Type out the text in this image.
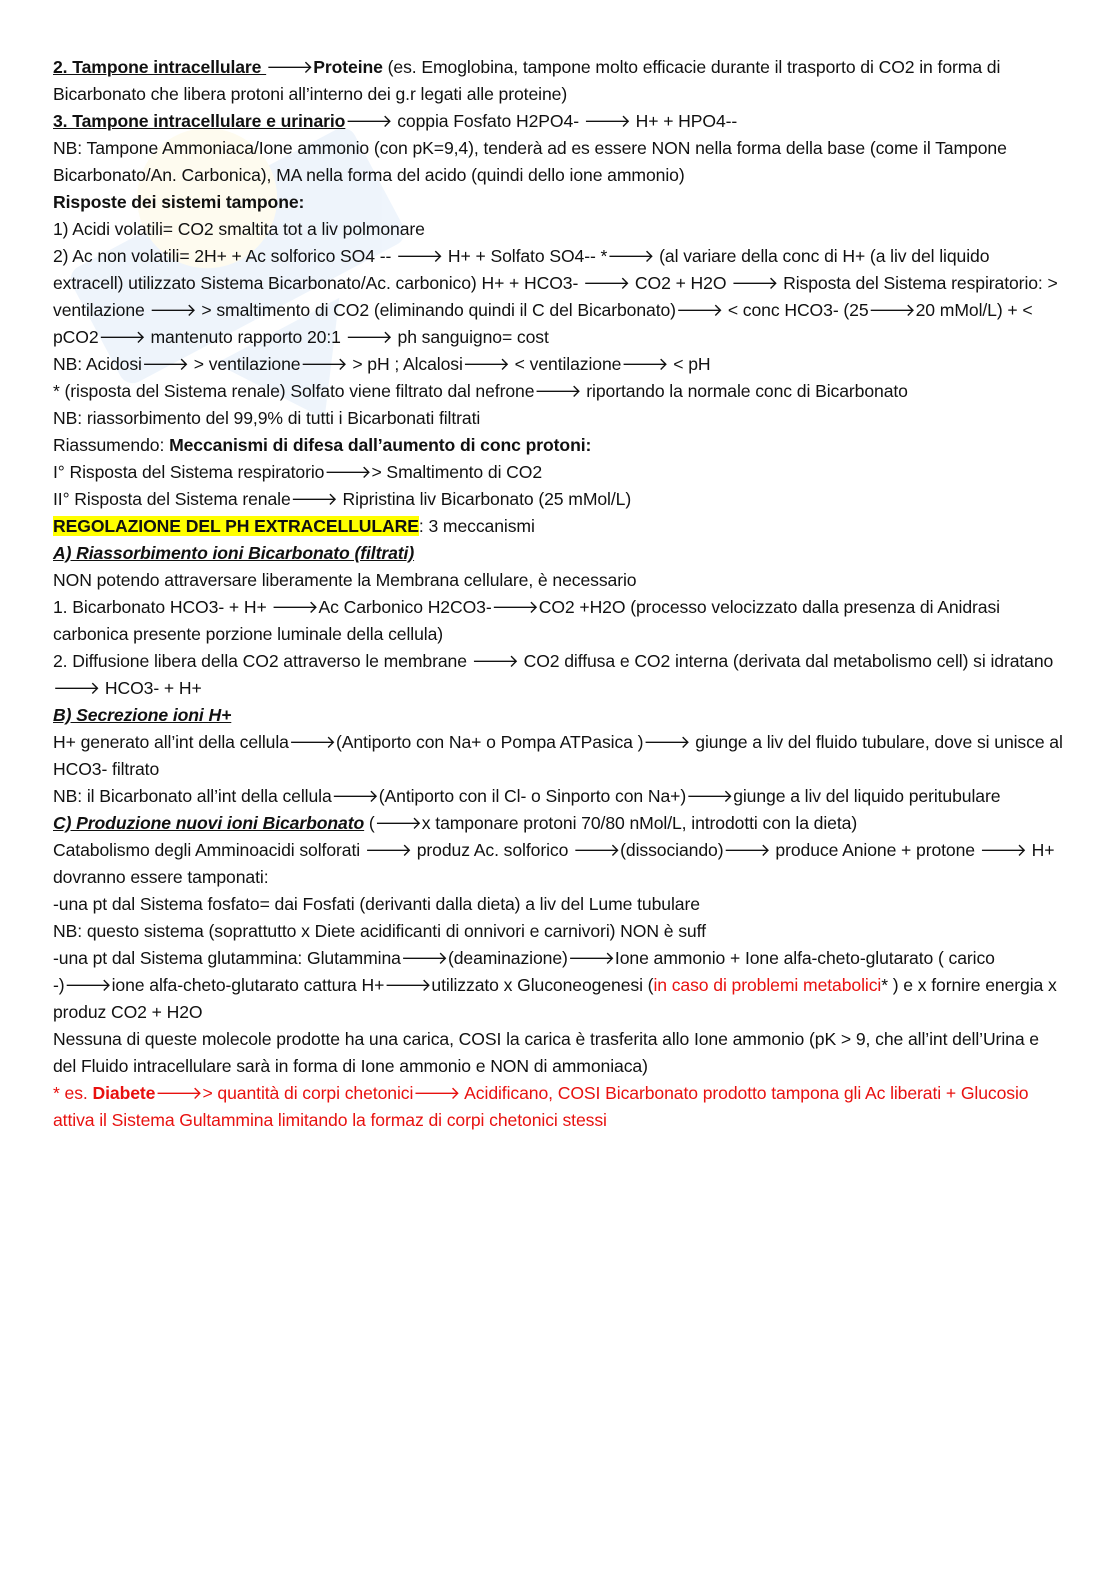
2. Tampone intracellulare 🡒Proteine (es. Emoglobina, tampone molto efficacie durante il trasporto di CO2 in forma di
Bicarbonato che libera protoni all’interno dei g.r legati alle proteine)
3. Tampone intracellulare e urinario🡒 coppia Fosfato H2PO4- 🡒 H+ + HPO4--
NB: Tampone Ammoniaca/Ione ammonio (con pK=9,4), tenderà ad es essere NON nella forma della base (come il Tampone Bicarbonato/An. Carbonica), MA nella forma del acido (quindi dello ione ammonio)
Risposte dei sistemi tampone:
1) Acidi volatili= CO2 smaltita tot a liv polmonare
2) Ac non volatili= 2H+ + Ac solforico SO4 -- 🡒 H+ + Solfato SO4-- *🡒 (al variare della conc di H+ (a liv del liquido extracell) utilizzato Sistema Bicarbonato/Ac. carbonico) H+ + HCO3- 🡒 CO2 + H2O 🡒 Risposta del Sistema respiratorio: > ventilazione 🡒 > smaltimento di CO2 (eliminando quindi il C del Bicarbonato)🡒 < conc HCO3- (25🡒20 mMol/L) + < pCO2🡒 mantenuto rapporto 20:1 🡒 ph sanguigno= cost
NB: Acidosi🡒 > ventilazione🡒 > pH ; Alcalosi🡒 < ventilazione🡒 < pH
* (risposta del Sistema renale) Solfato viene filtrato dal nefrone🡒 riportando la normale conc di Bicarbonato
NB: riassorbimento del 99,9% di tutti i Bicarbonati filtrati
Riassumendo: Meccanismi di difesa dall’aumento di conc protoni:
I° Risposta del Sistema respiratorio🡒> Smaltimento di CO2
II° Risposta del Sistema renale🡒 Ripristina liv Bicarbonato (25 mMol/L)
REGOLAZIONE DEL PH EXTRACELLULARE: 3 meccanismi
A) Riassorbimento ioni Bicarbonato (filtrati)
NON potendo attraversare liberamente la Membrana cellulare, è necessario
1. Bicarbonato HCO3- + H+ 🡒Ac Carbonico H2CO3-🡒CO2 +H2O (processo velocizzato dalla presenza di Anidrasi carbonica presente porzione luminale della cellula)
2. Diffusione libera della CO2 attraverso le membrane 🡒 CO2 diffusa e CO2 interna (derivata dal metabolismo cell) si idratano 🡒 HCO3- + H+
B) Secrezione ioni H+
H+ generato all’int della cellula🡒(Antiporto con Na+ o Pompa ATPasica )🡒 giunge a liv del fluido tubulare, dove si unisce al HCO3- filtrato
NB: il Bicarbonato all’int della cellula🡒(Antiporto con il Cl- o Sinporto con Na+)🡒giunge a liv del liquido peritubulare
C) Produzione nuovi ioni Bicarbonato (🡒x tamponare protoni 70/80 nMol/L, introdotti con la dieta)
Catabolismo degli Amminoacidi solforati 🡒 produz Ac. solforico 🡒(dissociando)🡒 produce Anione + protone 🡒 H+ dovranno essere tamponati:
-una pt dal Sistema fosfato= dai Fosfati (derivanti dalla dieta) a liv del Lume tubulare
NB: questo sistema (soprattutto x Diete acidificanti di onnivori e carnivori) NON è suff
-una pt dal Sistema glutammina: Glutammina🡒(deaminazione)🡒Ione ammonio + Ione alfa-cheto-glutarato ( carico -)🡒ione alfa-cheto-glutarato cattura H+🡒utilizzato x Gluconeogenesi (in caso di problemi metabolici* ) e x fornire energia x produz CO2 + H2O
Nessuna di queste molecole prodotte ha una carica, COSI la carica è trasferita allo Ione ammonio (pK > 9, che all’int dell’Urina e del Fluido intracellulare sarà in forma di Ione ammonio e NON di ammoniaca)
* es. Diabete🡒> quantità di corpi chetonici🡒 Acidificano, COSI Bicarbonato prodotto tampona gli Ac liberati + Glucosio attiva il Sistema Gultammina limitando la formaz di corpi chetonici stessi
